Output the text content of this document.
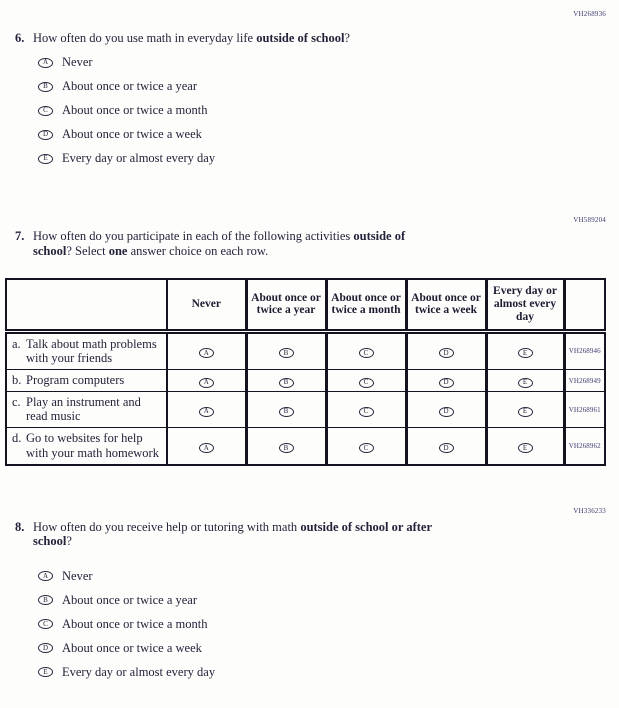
VH268936
6. How often do you use math in everyday life outside of school?
A	Never
B	About once or twice a year
C	About once or twice a month
D	About once or twice a week
E	Every day or almost every day
VH589204
7. How often do you participate in each of the following activities outside of
school? Select one answer choice on each row.
	Never	About once or twice a year	About once or twice a month	About once or twice a week	Every day or almost every day	

a. Talk about math problems with your friends	A	B	C	D	E	VH268946

b. Program computers	A	B	C	D	E	VH268949

c. Play an instrument and read music	A	B	C	D	E	VH268961

d. Go to websites for help with your math homework	A	B	C	D	E	VH268962
VH336233
8. How often do you receive help or tutoring with math outside of school or after
school?
A	Never
B	About once or twice a year
C	About once or twice a month
D	About once or twice a week
E	Every day or almost every day
